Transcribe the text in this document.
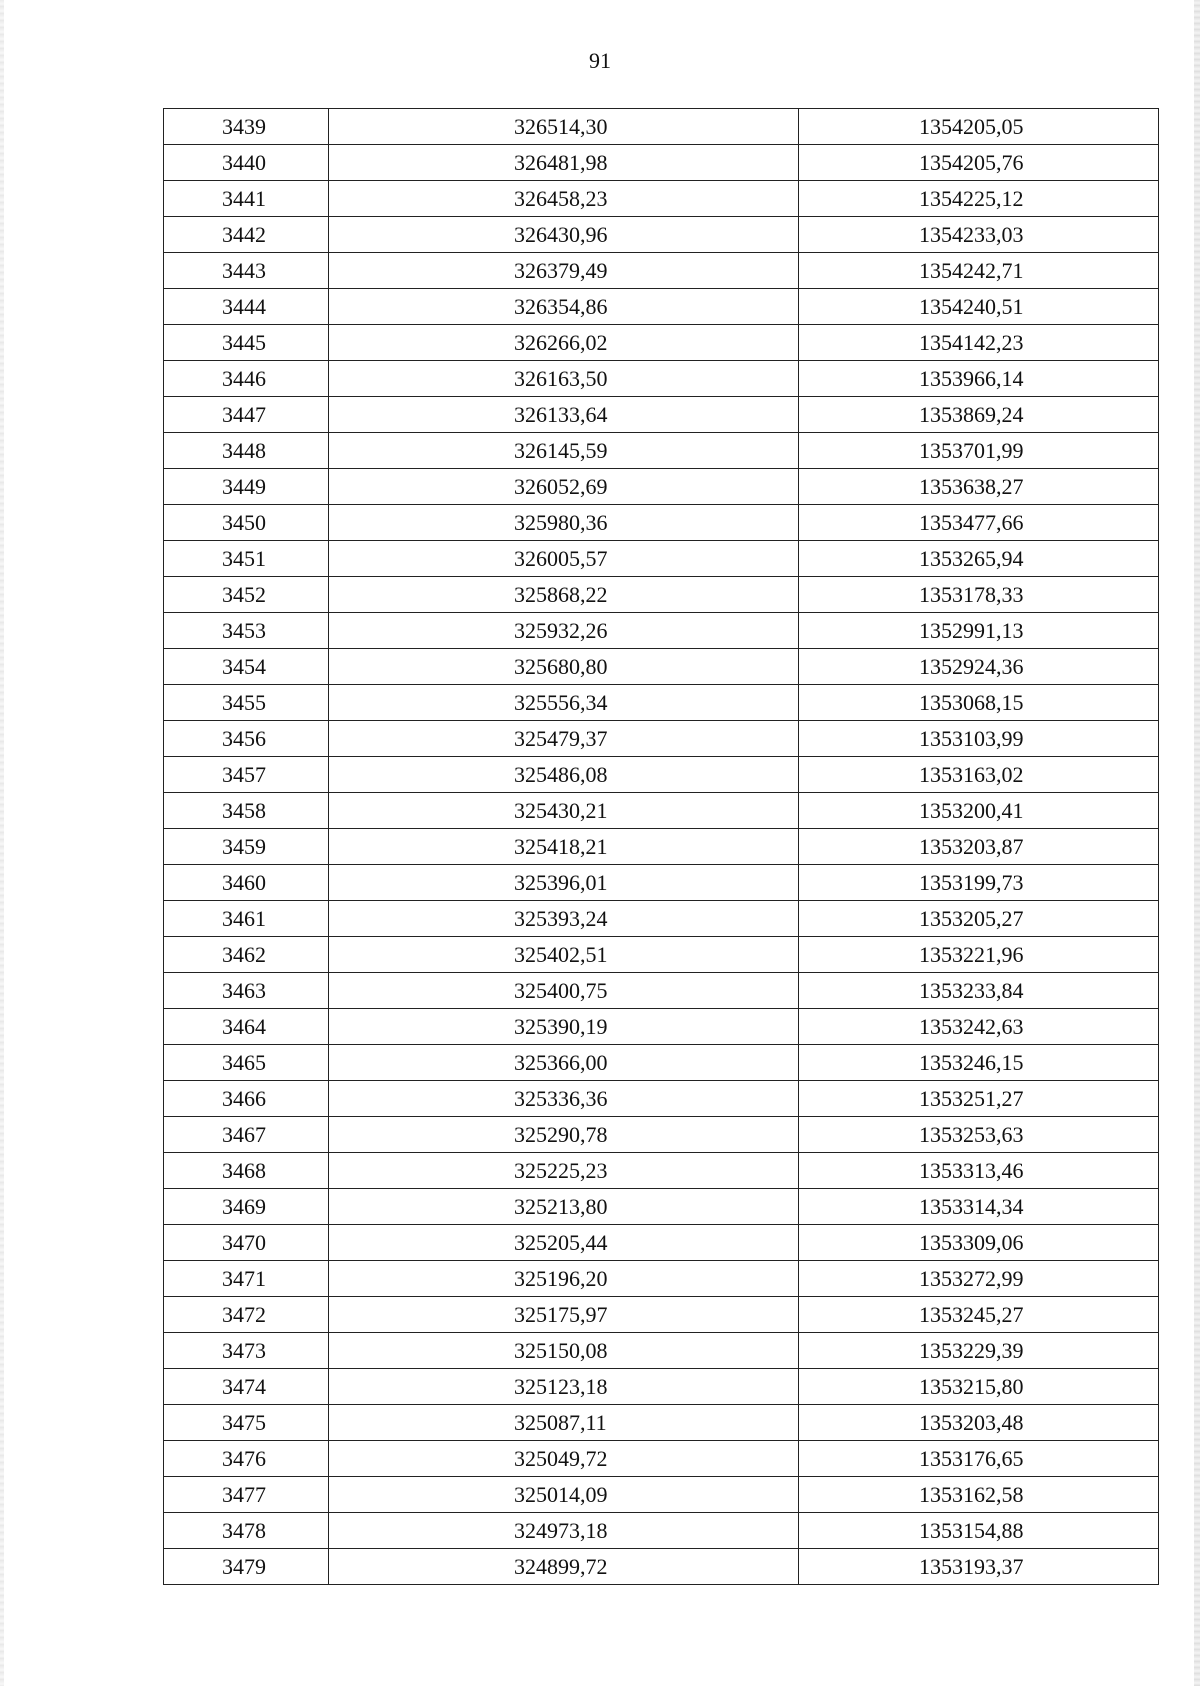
91
3439	326514,30	1354205,05
3440	326481,98	1354205,76
3441	326458,23	1354225,12
3442	326430,96	1354233,03
3443	326379,49	1354242,71
3444	326354,86	1354240,51
3445	326266,02	1354142,23
3446	326163,50	1353966,14
3447	326133,64	1353869,24
3448	326145,59	1353701,99
3449	326052,69	1353638,27
3450	325980,36	1353477,66
3451	326005,57	1353265,94
3452	325868,22	1353178,33
3453	325932,26	1352991,13
3454	325680,80	1352924,36
3455	325556,34	1353068,15
3456	325479,37	1353103,99
3457	325486,08	1353163,02
3458	325430,21	1353200,41
3459	325418,21	1353203,87
3460	325396,01	1353199,73
3461	325393,24	1353205,27
3462	325402,51	1353221,96
3463	325400,75	1353233,84
3464	325390,19	1353242,63
3465	325366,00	1353246,15
3466	325336,36	1353251,27
3467	325290,78	1353253,63
3468	325225,23	1353313,46
3469	325213,80	1353314,34
3470	325205,44	1353309,06
3471	325196,20	1353272,99
3472	325175,97	1353245,27
3473	325150,08	1353229,39
3474	325123,18	1353215,80
3475	325087,11	1353203,48
3476	325049,72	1353176,65
3477	325014,09	1353162,58
3478	324973,18	1353154,88
3479	324899,72	1353193,37
